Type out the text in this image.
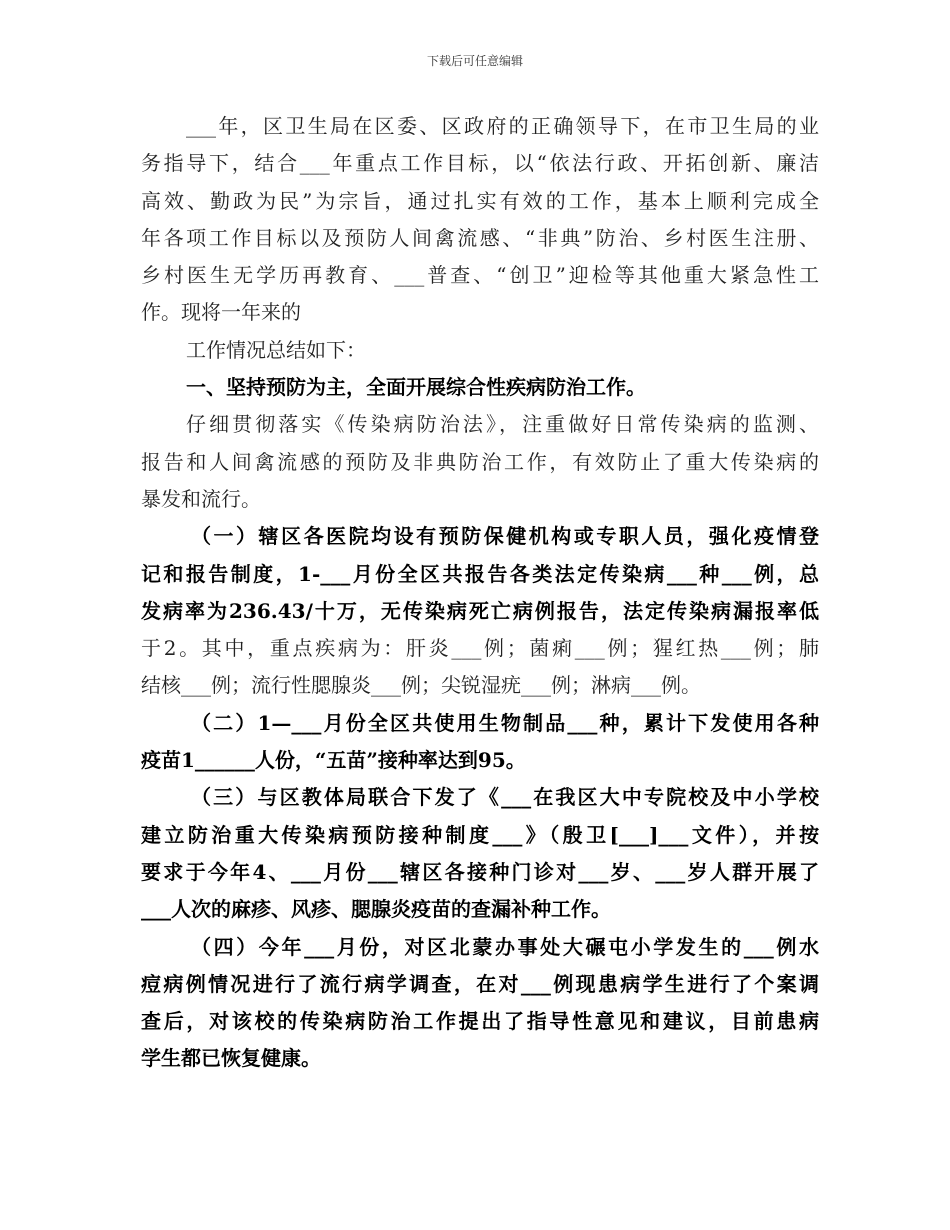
下载后可任意编辑
___年，区卫生局在区委、区政府的正确领导下，在市卫生局的业
务指导下，结合___年重点工作目标，以“依法行政、开拓创新、廉洁
高效、勤政为民”为宗旨，通过扎实有效的工作，基本上顺利完成全
年各项工作目标以及预防人间禽流感、“非典”防治、乡村医生注册、
乡村医生无学历再教育、___普查、“创卫”迎检等其他重大紧急性工
作。现将一年来的
工作情况总结如下：
一、坚持预防为主，全面开展综合性疾病防治工作。
仔细贯彻落实《传染病防治法》，注重做好日常传染病的监测、
报告和人间禽流感的预防及非典防治工作，有效防止了重大传染病的
暴发和流行。
（一）辖区各医院均设有预防保健机构或专职人员，强化疫情登
记和报告制度，1-___月份全区共报告各类法定传染病___种___例，总
发病率为236.43/十万，无传染病死亡病例报告，法定传染病漏报率低
于2。其中，重点疾病为：肝炎___例；菌痢___例；猩红热___例；肺
结核___例；流行性腮腺炎___例；尖锐湿疣___例；淋病___例。
（二）1—___月份全区共使用生物制品___种，累计下发使用各种
疫苗1______人份，“五苗”接种率达到95。
（三）与区教体局联合下发了《___在我区大中专院校及中小学校
建立防治重大传染病预防接种制度___》（殷卫[___]___文件），并按
要求于今年4、___月份___辖区各接种门诊对___岁、___岁人群开展了
___人次的麻疹、风疹、腮腺炎疫苗的查漏补种工作。
（四）今年___月份，对区北蒙办事处大碾屯小学发生的___例水
痘病例情况进行了流行病学调查，在对___例现患病学生进行了个案调
查后，对该校的传染病防治工作提出了指导性意见和建议，目前患病
学生都已恢复健康。
